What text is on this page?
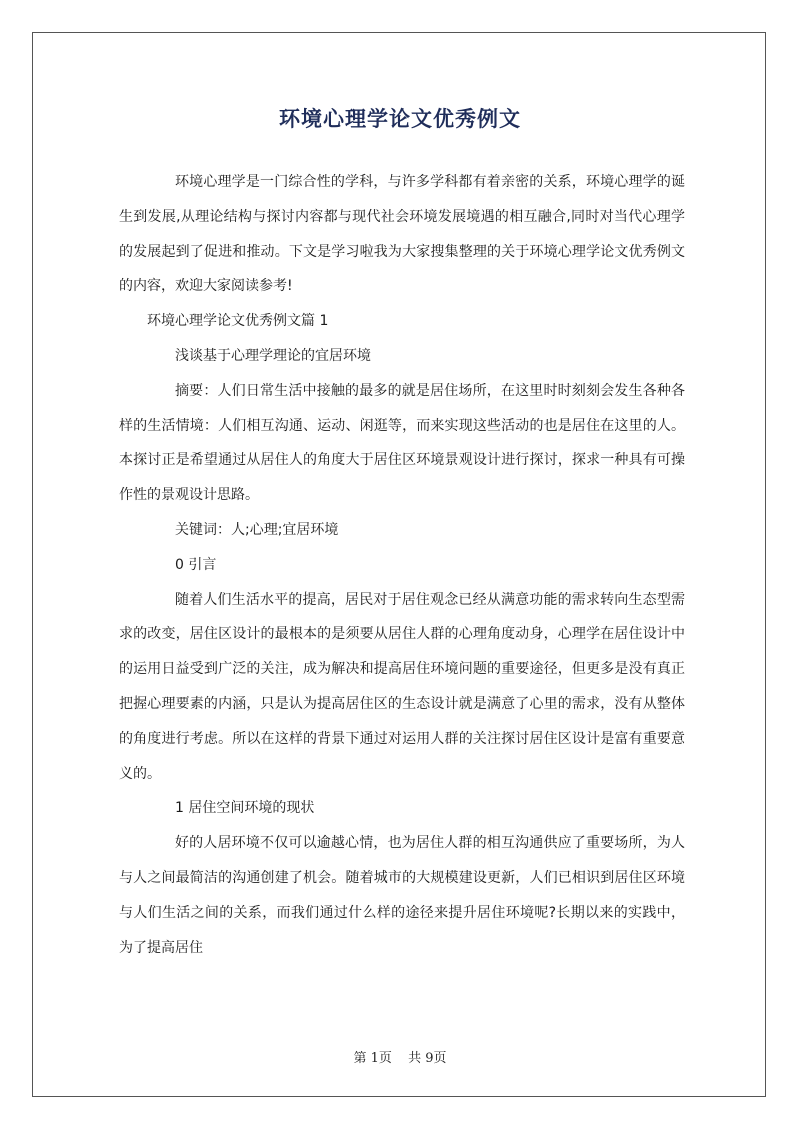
环境心理学论文优秀例文

环境心理学是一门综合性的学科，与许多学科都有着亲密的关系，环境心理学的诞生到发展,从理论结构与探讨内容都与现代社会环境发展境遇的相互融合,同时对当代心理学的发展起到了促进和推动。下文是学习啦我为大家搜集整理的关于环境心理学论文优秀例文的内容，欢迎大家阅读参考!

环境心理学论文优秀例文篇 1

浅谈基于心理学理论的宜居环境

摘要：人们日常生活中接触的最多的就是居住场所，在这里时时刻刻会发生各种各样的生活情境：人们相互沟通、运动、闲逛等，而来实现这些活动的也是居住在这里的人。本探讨正是希望通过从居住人的角度大于居住区环境景观设计进行探讨，探求一种具有可操作性的景观设计思路。

关键词：人;心理;宜居环境

0 引言

随着人们生活水平的提高，居民对于居住观念已经从满意功能的需求转向生态型需求的改变，居住区设计的最根本的是须要从居住人群的心理角度动身，心理学在居住设计中的运用日益受到广泛的关注，成为解决和提高居住环境问题的重要途径，但更多是没有真正把握心理要素的内涵，只是认为提高居住区的生态设计就是满意了心里的需求，没有从整体的角度进行考虑。所以在这样的背景下通过对运用人群的关注探讨居住区设计是富有重要意义的。

1 居住空间环境的现状

好的人居环境不仅可以逾越心情，也为居住人群的相互沟通供应了重要场所，为人与人之间最简洁的沟通创建了机会。随着城市的大规模建设更新，人们已相识到居住区环境与人们生活之间的关系，而我们通过什么样的途径来提升居住环境呢?长期以来的实践中，为了提高居住

第 1页 共 9页
